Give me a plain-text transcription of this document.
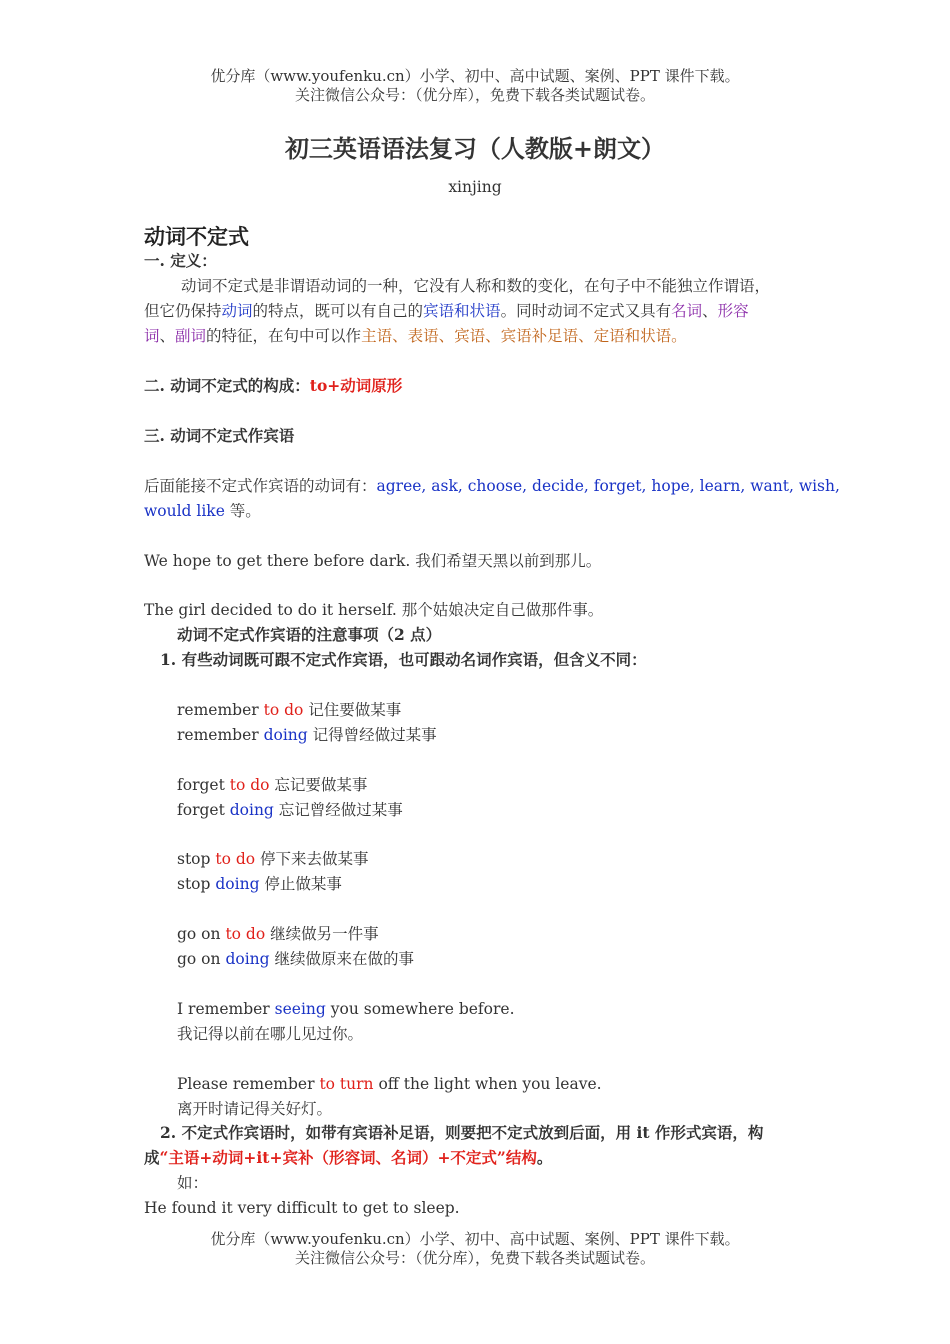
优分库（www.youfenku.cn）小学、初中、高中试题、案例、PPT 课件下载。
关注微信公众号：（优分库），免费下载各类试题试卷。
初三英语语法复习（人教版+朗文）
xinjing
动词不定式
一. 定义：
动词不定式是非谓语动词的一种，它没有人称和数的变化，在句子中不能独立作谓语，
但它仍保持动词的特点，既可以有自己的宾语和状语。同时动词不定式又具有名词、形容
词、副词的特征，在句中可以作主语、表语、宾语、宾语补足语、定语和状语。
二. 动词不定式的构成：to+动词原形
三. 动词不定式作宾语
后面能接不定式作宾语的动词有：agree, ask, choose, decide, forget, hope, learn, want, wish,
would like 等。
We hope to get there before dark. 我们希望天黑以前到那儿。
The girl decided to do it herself. 那个姑娘决定自己做那件事。
动词不定式作宾语的注意事项（2 点）
1. 有些动词既可跟不定式作宾语，也可跟动名词作宾语，但含义不同：
remember to do 记住要做某事
remember doing 记得曾经做过某事
forget to do 忘记要做某事
forget doing 忘记曾经做过某事
stop to do 停下来去做某事
stop doing 停止做某事
go on to do 继续做另一件事
go on doing 继续做原来在做的事
I remember seeing you somewhere before.
我记得以前在哪儿见过你。
Please remember to turn off the light when you leave.
离开时请记得关好灯。
2. 不定式作宾语时，如带有宾语补足语，则要把不定式放到后面，用 it 作形式宾语，构
成“主语+动词+it+宾补（形容词、名词）+不定式”结构。
如：
He found it very difficult to get to sleep.
优分库（www.youfenku.cn）小学、初中、高中试题、案例、PPT 课件下载。
关注微信公众号：（优分库），免费下载各类试题试卷。
